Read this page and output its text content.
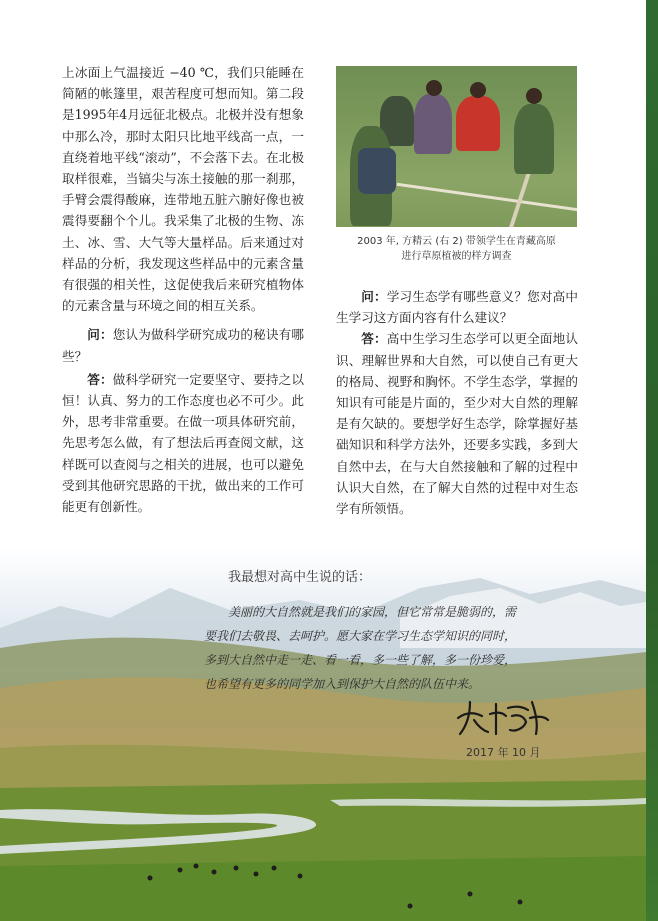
上冰面上气温接近 −40 ℃，我们只能睡在简陋的帐篷里，艰苦程度可想而知。第二段是1995年4月远征北极点。北极并没有想象中那么冷，那时太阳只比地平线高一点，一直绕着地平线“滚动”，不会落下去。在北极取样很难，当镐尖与冻土接触的那一刹那，手臂会震得酸麻，连带地五脏六腑好像也被震得要翻个个儿。我采集了北极的生物、冻土、冰、雪、大气等大量样品。后来通过对样品的分析，我发现这些样品中的元素含量有很强的相关性，这促使我后来研究植物体的元素含量与环境之间的相互关系。

问：您认为做科学研究成功的秘诀有哪些？

答：做科学研究一定要坚守、要持之以恒！认真、努力的工作态度也必不可少。此外，思考非常重要。在做一项具体研究前，先思考怎么做，有了想法后再查阅文献，这样既可以查阅与之相关的进展，也可以避免受到其他研究思路的干扰，做出来的工作可能更有创新性。

2003 年, 方精云 (右 2) 带领学生在青藏高原
进行草原植被的样方调查

问：学习生态学有哪些意义？您对高中生学习这方面内容有什么建议？

答：高中生学习生态学可以更全面地认识、理解世界和大自然，可以使自己有更大的格局、视野和胸怀。不学生态学，掌握的知识有可能是片面的，至少对大自然的理解是有欠缺的。要想学好生态学，除掌握好基础知识和科学方法外，还要多实践，多到大自然中去，在与大自然接触和了解的过程中认识大自然，在了解大自然的过程中对生态学有所领悟。

我最想对高中生说的话：

美丽的大自然就是我们的家园，但它常常是脆弱的，需

要我们去敬畏、去呵护。愿大家在学习生态学知识的同时，

多到大自然中走一走、看一看，多一些了解，多一份珍爱，

也希望有更多的同学加入到保护大自然的队伍中来。

2017 年 10 月
